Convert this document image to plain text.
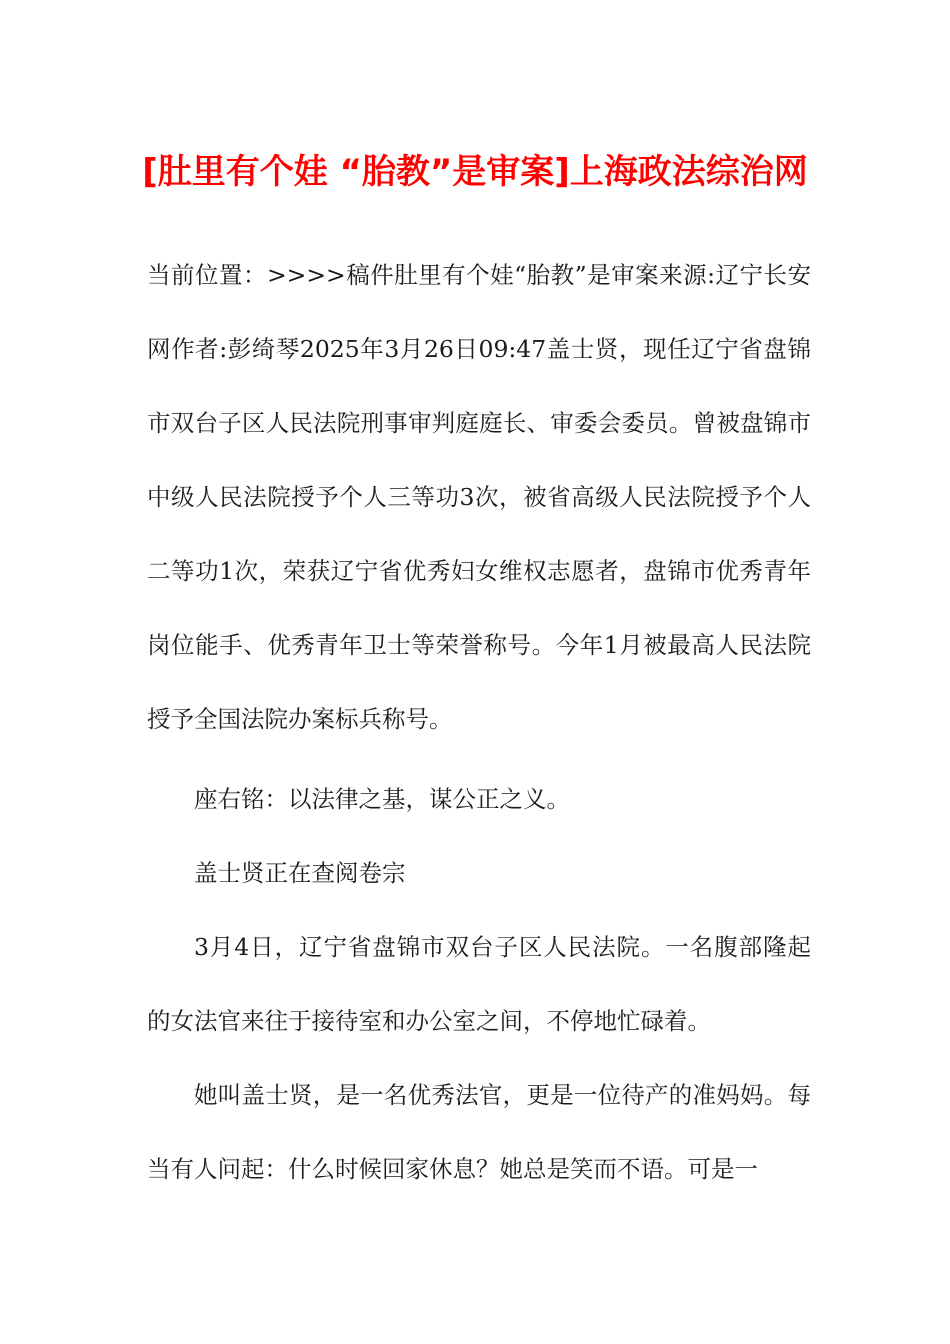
[肚里有个娃 “胎教”是审案]上海政法综治网

当前位置：>>>>稿件肚里有个娃“胎教”是审案来源:辽宁长安网作者:彭绮琴2025年3月26日09:47盖士贤，现任辽宁省盘锦市双台子区人民法院刑事审判庭庭长、审委会委员。曾被盘锦市中级人民法院授予个人三等功3次，被省高级人民法院授予个人二等功1次，荣获辽宁省优秀妇女维权志愿者，盘锦市优秀青年岗位能手、优秀青年卫士等荣誉称号。今年1月被最高人民法院授予全国法院办案标兵称号。

座右铭：以法律之基，谋公正之义。

盖士贤正在查阅卷宗

3月4日，辽宁省盘锦市双台子区人民法院。一名腹部隆起的女法官来往于接待室和办公室之间，不停地忙碌着。

她叫盖士贤，是一名优秀法官，更是一位待产的准妈妈。每当有人问起：什么时候回家休息？她总是笑而不语。可是一
